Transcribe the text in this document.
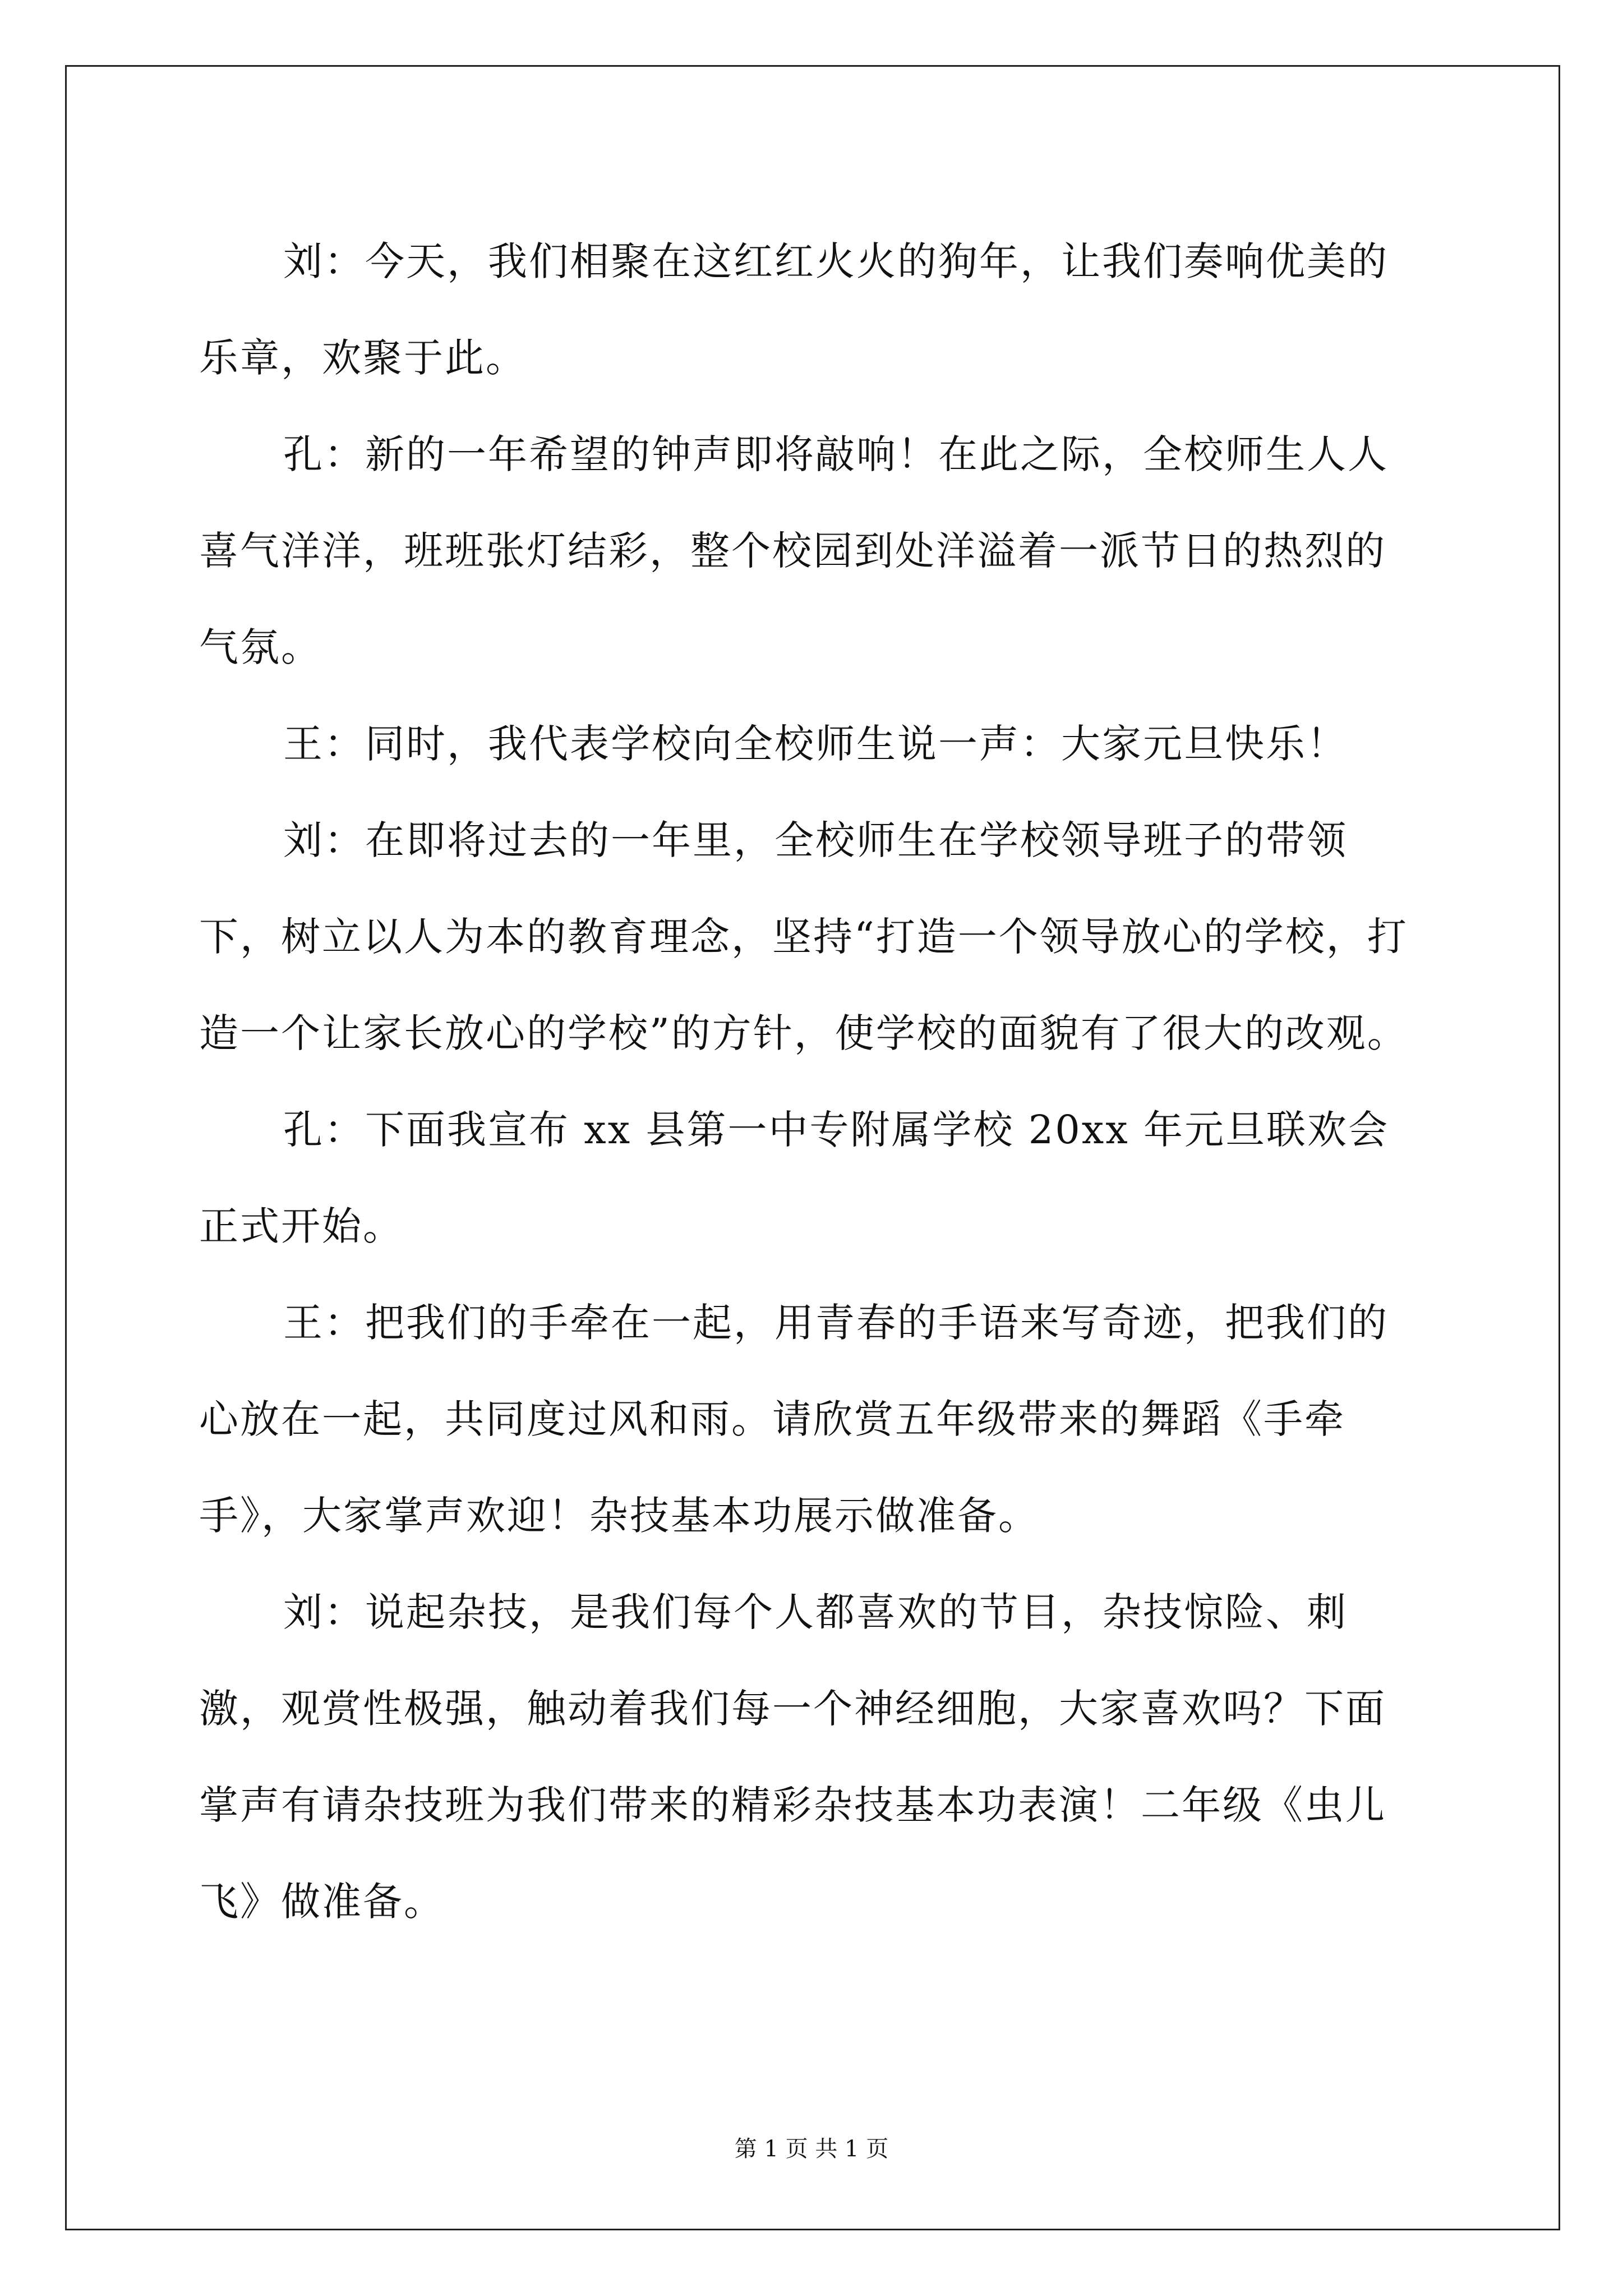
刘：今天，我们相聚在这红红火火的狗年，让我们奏响优美的乐章，欢聚于此。

孔：新的一年希望的钟声即将敲响！在此之际，全校师生人人喜气洋洋，班班张灯结彩，整个校园到处洋溢着一派节日的热烈的气氛。

王：同时，我代表学校向全校师生说一声：大家元旦快乐！

刘：在即将过去的一年里，全校师生在学校领导班子的带领下，树立以人为本的教育理念，坚持“打造一个领导放心的学校，打造一个让家长放心的学校”的方针，使学校的面貌有了很大的改观。

孔：下面我宣布 xx 县第一中专附属学校 20xx 年元旦联欢会正式开始。

王：把我们的手牵在一起，用青春的手语来写奇迹，把我们的心放在一起，共同度过风和雨。请欣赏五年级带来的舞蹈《手牵手》，大家掌声欢迎！杂技基本功展示做准备。

刘：说起杂技，是我们每个人都喜欢的节目，杂技惊险、刺激，观赏性极强，触动着我们每一个神经细胞，大家喜欢吗？下面掌声有请杂技班为我们带来的精彩杂技基本功表演！二年级《虫儿飞》做准备。

第 1 页 共 1 页
